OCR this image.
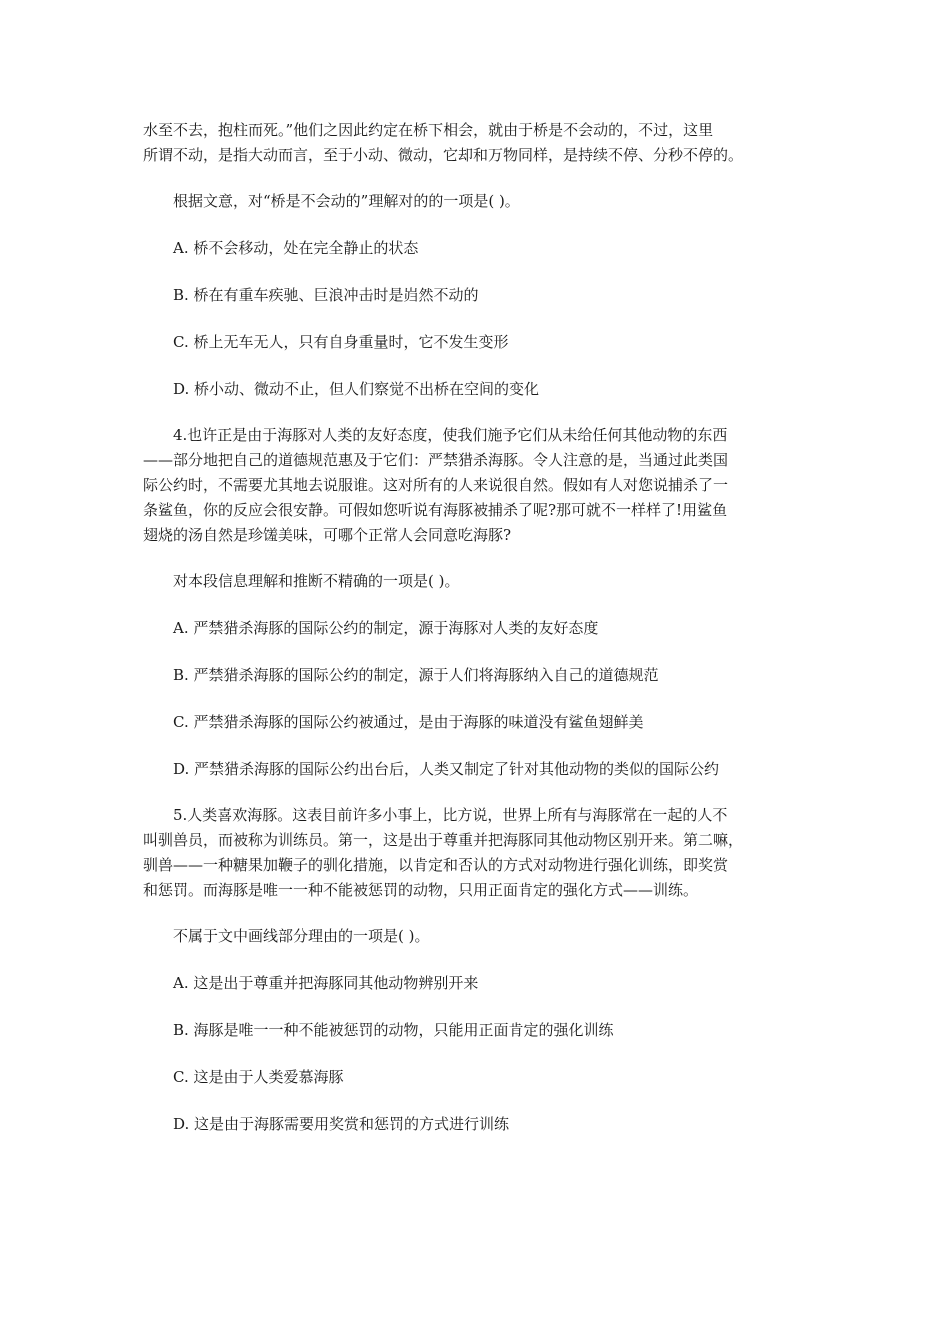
水至不去，抱柱而死。”他们之因此约定在桥下相会，就由于桥是不会动的，不过，这里

所谓不动，是指大动而言，至于小动、微动，它却和万物同样，是持续不停、分秒不停的。

根据文意，对“桥是不会动的”理解对的的一项是( )。

A. 桥不会移动，处在完全静止的状态

B. 桥在有重车疾驰、巨浪冲击时是岿然不动的

C. 桥上无车无人，只有自身重量时，它不发生变形

D. 桥小动、微动不止，但人们察觉不出桥在空间的变化

4.也许正是由于海豚对人类的友好态度，使我们施予它们从未给任何其他动物的东西

——部分地把自己的道德规范惠及于它们：严禁猎杀海豚。令人注意的是，当通过此类国

际公约时，不需要尤其地去说服谁。这对所有的人来说很自然。假如有人对您说捕杀了一

条鲨鱼，你的反应会很安静。可假如您听说有海豚被捕杀了呢?那可就不一样样了!用鲨鱼

翅烧的汤自然是珍馐美味，可哪个正常人会同意吃海豚?

对本段信息理解和推断不精确的一项是( )。

A. 严禁猎杀海豚的国际公约的制定，源于海豚对人类的友好态度

B. 严禁猎杀海豚的国际公约的制定，源于人们将海豚纳入自己的道德规范

C. 严禁猎杀海豚的国际公约被通过，是由于海豚的味道没有鲨鱼翅鲜美

D. 严禁猎杀海豚的国际公约出台后，人类又制定了针对其他动物的类似的国际公约

5.人类喜欢海豚。这表目前许多小事上，比方说，世界上所有与海豚常在一起的人不

叫驯兽员，而被称为训练员。第一，这是出于尊重并把海豚同其他动物区别开来。第二嘛，

驯兽——一种糖果加鞭子的驯化措施，以肯定和否认的方式对动物进行强化训练，即奖赏

和惩罚。而海豚是唯一一种不能被惩罚的动物，只用正面肯定的强化方式——训练。

不属于文中画线部分理由的一项是( )。

A. 这是出于尊重并把海豚同其他动物辨别开来

B. 海豚是唯一一种不能被惩罚的动物，只能用正面肯定的强化训练

C. 这是由于人类爱慕海豚

D. 这是由于海豚需要用奖赏和惩罚的方式进行训练
